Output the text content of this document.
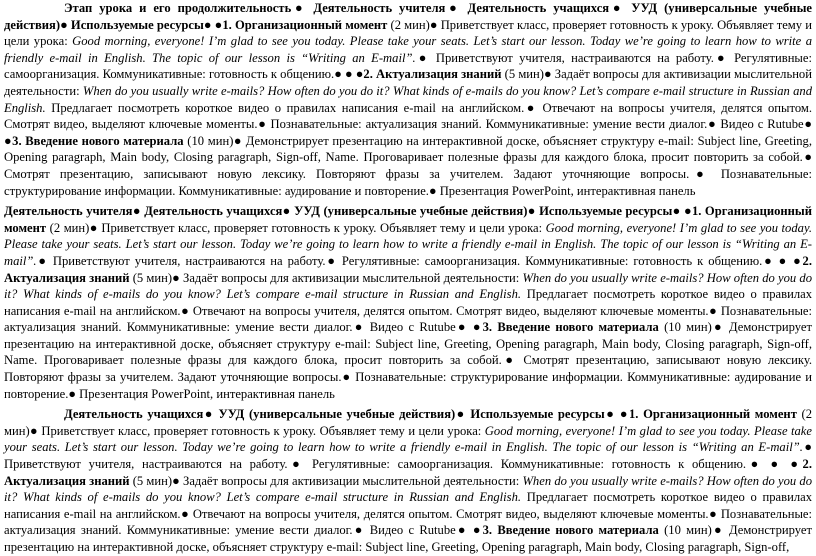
Этап урока и его продолжительность● Деятельность учителя● Деятельность учащихся● УУД (универсальные учебные действия)● Используемые ресурсы● ●1. Организационный момент (2 мин)● Приветствует класс, проверяет готовность к уроку. Объявляет тему и цели урока: Good morning, everyone! I’m glad to see you today. Please take your seats. Let’s start our lesson. Today we’re going to learn how to write a friendly e-mail in English. The topic of our lesson is “Writing an E-mail”.● Приветствуют учителя, настраиваются на работу.● Регулятивные: самоорганизация. Коммуникативные: готовность к общению.● ● ●2. Актуализация знаний (5 мин)● Задаёт вопросы для активизации мыслительной деятельности: When do you usually write e-mails? How often do you do it? What kinds of e-mails do you know? Let’s compare e-mail structure in Russian and English. Предлагает посмотреть короткое видео о правилах написания e-mail на английском.● Отвечают на вопросы учителя, делятся опытом. Смотрят видео, выделяют ключевые моменты.● Познавательные: актуализация знаний. Коммуникативные: умение вести диалог.● Видео с Rutube● ●3. Введение нового материала (10 мин)● Демонстрирует презентацию на интерактивной доске, объясняет структуру e-mail: Subject line, Greeting, Opening paragraph, Main body, Closing paragraph, Sign-off, Name. Проговаривает полезные фразы для каждого блока, просит повторить за собой.● Смотрят презентацию, записывают новую лексику. Повторяют фразы за учителем. Задают уточняющие вопросы.● Познавательные: структурирование информации. Коммуникативные: аудирование и повторение.● Презентация PowerPoint, интерактивная панель

Деятельность учителя● Деятельность учащихся● УУД (универсальные учебные действия)● Используемые ресурсы● ●1. Организационный момент (2 мин)● Приветствует класс, проверяет готовность к уроку. Объявляет тему и цели урока: Good morning, everyone! I’m glad to see you today. Please take your seats. Let’s start our lesson. Today we’re going to learn how to write a friendly e-mail in English. The topic of our lesson is “Writing an E-mail”.● Приветствуют учителя, настраиваются на работу.● Регулятивные: самоорганизация. Коммуникативные: готовность к общению.● ● ●2. Актуализация знаний (5 мин)● Задаёт вопросы для активизации мыслительной деятельности: When do you usually write e-mails? How often do you do it? What kinds of e-mails do you know? Let’s compare e-mail structure in Russian and English. Предлагает посмотреть короткое видео о правилах написания e-mail на английском.● Отвечают на вопросы учителя, делятся опытом. Смотрят видео, выделяют ключевые моменты.● Познавательные: актуализация знаний. Коммуникативные: умение вести диалог.● Видео с Rutube● ●3. Введение нового материала (10 мин)● Демонстрирует презентацию на интерактивной доске, объясняет структуру e-mail: Subject line, Greeting, Opening paragraph, Main body, Closing paragraph, Sign-off, Name. Проговаривает полезные фразы для каждого блока, просит повторить за собой.● Смотрят презентацию, записывают новую лексику. Повторяют фразы за учителем. Задают уточняющие вопросы.● Познавательные: структурирование информации. Коммуникативные: аудирование и повторение.● Презентация PowerPoint, интерактивная панель

Деятельность учащихся● УУД (универсальные учебные действия)● Используемые ресурсы● ●1. Организационный момент (2 мин)● Приветствует класс, проверяет готовность к уроку. Объявляет тему и цели урока: Good morning, everyone! I’m glad to see you today. Please take your seats. Let’s start our lesson. Today we’re going to learn how to write a friendly e-mail in English. The topic of our lesson is “Writing an E-mail”.● Приветствуют учителя, настраиваются на работу.● Регулятивные: самоорганизация. Коммуникативные: готовность к общению.● ● ●2. Актуализация знаний (5 мин)● Задаёт вопросы для активизации мыслительной деятельности: When do you usually write e-mails? How often do you do it? What kinds of e-mails do you know? Let’s compare e-mail structure in Russian and English. Предлагает посмотреть короткое видео о правилах написания e-mail на английском.● Отвечают на вопросы учителя, делятся опытом. Смотрят видео, выделяют ключевые моменты.● Познавательные: актуализация знаний. Коммуникативные: умение вести диалог.● Видео с Rutube● ●3. Введение нового материала (10 мин)● Демонстрирует презентацию на интерактивной доске, объясняет структуру e-mail: Subject line, Greeting, Opening paragraph, Main body, Closing paragraph, Sign-off,
